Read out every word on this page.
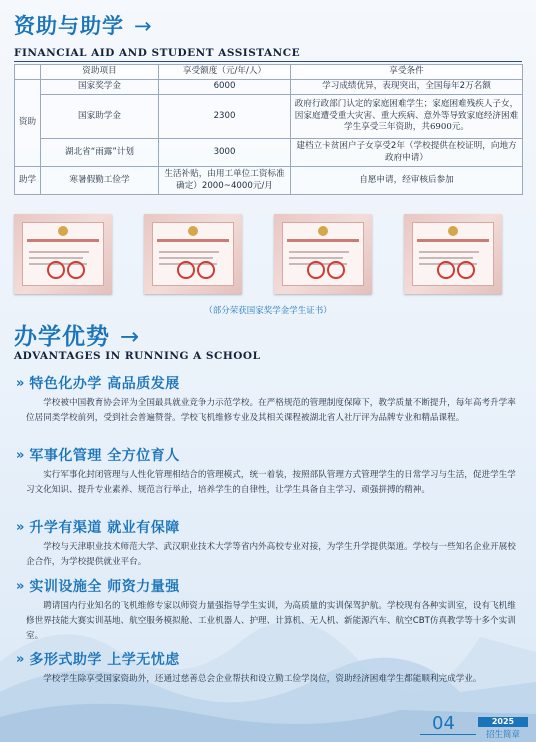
资助与助学 →
FINANCIAL AID AND STUDENT ASSISTANCE
	资助项目	享受额度（元/年/人）	享受条件
资助	国家奖学金	6000	学习成绩优异，表现突出，全国每年2万名额
	国家助学金	2300	政府行政部门认定的家庭困难学生；家庭困难残疾人子女，因家庭遭受重大灾害、重大疾病、意外等导致家庭经济困难学生享受三年资助，共6900元。
	湖北省“雨露”计划	3000	建档立卡贫困户子女享受2年（学校提供在校证明，向地方政府申请）
助学	寒暑假勤工俭学	生活补贴，由用工单位工资标准确定）2000~4000元/月	自愿申请，经审核后参加
（部分荣获国家奖学金学生证书）
办学优势 →
ADVANTAGES IN RUNNING A SCHOOL
» 特色化办学 高品质发展
学校被中国教育协会评为全国最具就业竞争力示范学校。在严格规范的管理制度保障下，教学质量不断提升，每年高考升学率位居同类学校前列，受到社会普遍赞誉。学校飞机维修专业及其相关课程被湖北省人社厅评为品牌专业和精品课程。
» 军事化管理 全方位育人
实行军事化封闭管理与人性化管理相结合的管理模式，统一着装，按照部队管理方式管理学生的日常学习与生活，促进学生学习文化知识、提升专业素养、规范言行举止，培养学生的自律性，让学生具备自主学习、顽强拼搏的精神。
» 升学有渠道 就业有保障
学校与天津职业技术师范大学、武汉职业技术大学等省内外高校专业对接，为学生升学提供渠道。学校与一些知名企业开展校企合作，为学校提供就业平台。
» 实训设施全 师资力量强
聘请国内行业知名的飞机维修专家以师资力量强指导学生实训，为高质量的实训保驾护航。学校现有各种实训室，设有飞机维修世界技能大赛实训基地、航空服务模拟舱、工业机器人、护理、计算机、无人机、新能源汽车、航空CBT仿真教学等十多个实训室。
» 多形式助学 上学无忧虑
学校学生除享受国家资助外，还通过慈善总会企业帮扶和设立勤工俭学岗位，资助经济困难学生都能顺利完成学业。
04	2025
招生简章
